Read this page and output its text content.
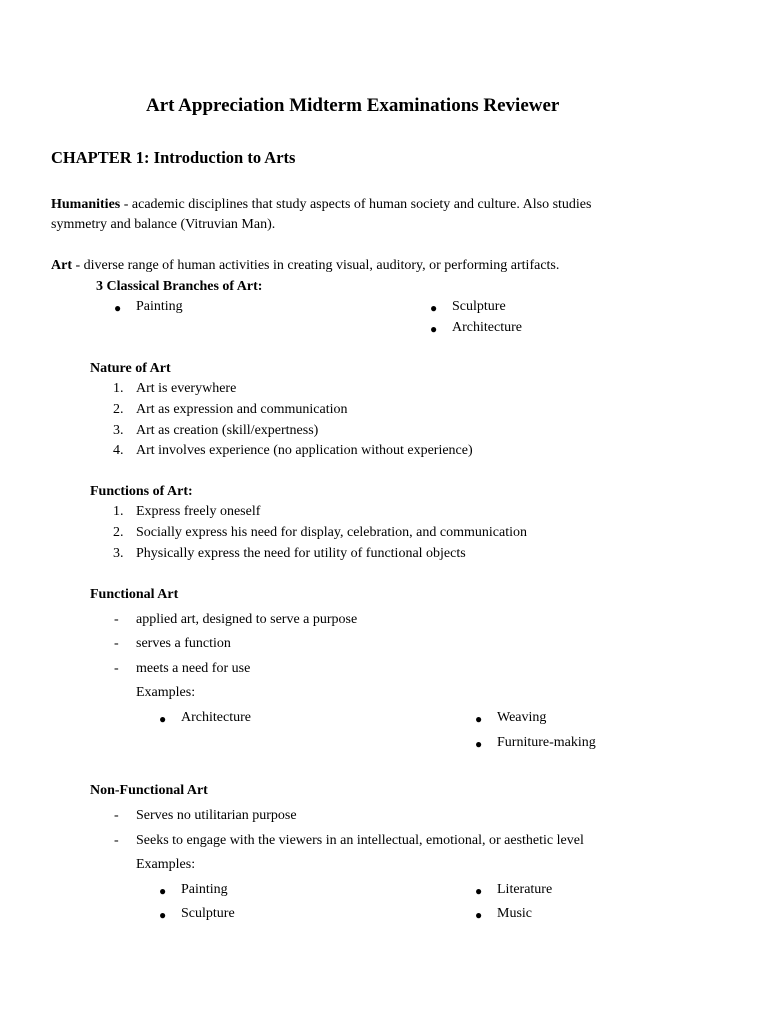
Art Appreciation Midterm Examinations Reviewer
CHAPTER 1: Introduction to Arts
Humanities - academic disciplines that study aspects of human society and culture. Also studies
symmetry and balance (Vitruvian Man).
Art - diverse range of human activities in creating visual, auditory, or performing artifacts.
3 Classical Branches of Art:
● Painting	● Sculpture
● Architecture
Nature of Art
1. Art is everywhere
2. Art as expression and communication
3. Art as creation (skill/expertness)
4. Art involves experience (no application without experience)
Functions of Art:
1. Express freely oneself
2. Socially express his need for display, celebration, and communication
3. Physically express the need for utility of functional objects
Functional Art
- applied art, designed to serve a purpose
- serves a function
- meets a need for use
Examples:
● Architecture	● Weaving
● Furniture-making
Non-Functional Art
- Serves no utilitarian purpose
- Seeks to engage with the viewers in an intellectual, emotional, or aesthetic level
Examples:
● Painting	● Literature
● Sculpture	● Music
